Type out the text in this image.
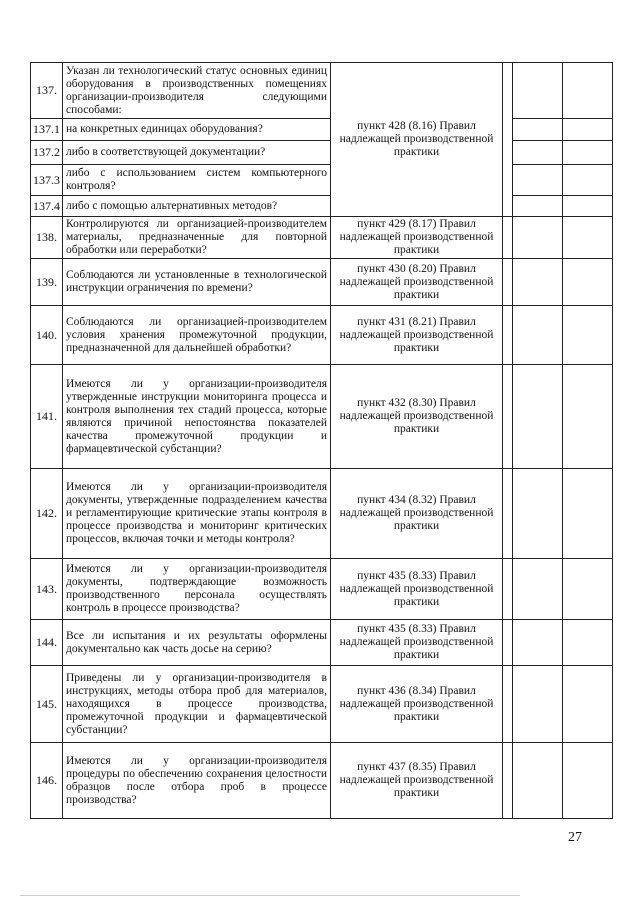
137.	Указан ли технологический статус основных единиц оборудования в производственных помещениях организации-производителя следующими способами:	пункт 428 (8.16) Правил надлежащей производственной практики			
137.1	на конкретных единицах оборудования?				
137.2	либо в соответствующей документации?				
137.3	либо с использованием систем компьютерного контроля?				
137.4	либо с помощью альтернативных методов?				
138.	Контролируются ли организацией-производителем материалы, предназначенные для повторной обработки или переработки?	пункт 429 (8.17) Правил надлежащей производственной практики			
139.	Соблюдаются ли установленные в технологической инструкции ограничения по времени?	пункт 430 (8.20) Правил надлежащей производственной практики			
140.	Соблюдаются ли организацией-производителем условия хранения промежуточной продукции, предназначенной для дальнейшей обработки?	пункт 431 (8.21) Правил надлежащей производственной практики			
141.	Имеются ли у организации-производителя утвержденные инструкции мониторинга процесса и контроля выполнения тех стадий процесса, которые являются причиной непостоянства показателей качества промежуточной продукции и фармацевтической субстанции?	пункт 432 (8.30) Правил надлежащей производственной практики			
142.	Имеются ли у организации-производителя документы, утвержденные подразделением качества и регламентирующие критические этапы контроля в процессе производства и мониторинг критических процессов, включая точки и методы контроля?	пункт 434 (8.32) Правил надлежащей производственной практики			
143.	Имеются ли у организации-производителя документы, подтверждающие возможность производственного персонала осуществлять контроль в процессе производства?	пункт 435 (8.33) Правил надлежащей производственной практики			
144.	Все ли испытания и их результаты оформлены документально как часть досье на серию?	пункт 435 (8.33) Правил надлежащей производственной практики			
145.	Приведены ли у организации-производителя в инструкциях, методы отбора проб для материалов, находящихся в процессе производства, промежуточной продукции и фармацевтической субстанции?	пункт 436 (8.34) Правил надлежащей производственной практики			
146.	Имеются ли у организации-производителя процедуры по обеспечению сохранения целостности образцов после отбора проб в процессе производства?	пункт 437 (8.35) Правил надлежащей производственной практики			
27
